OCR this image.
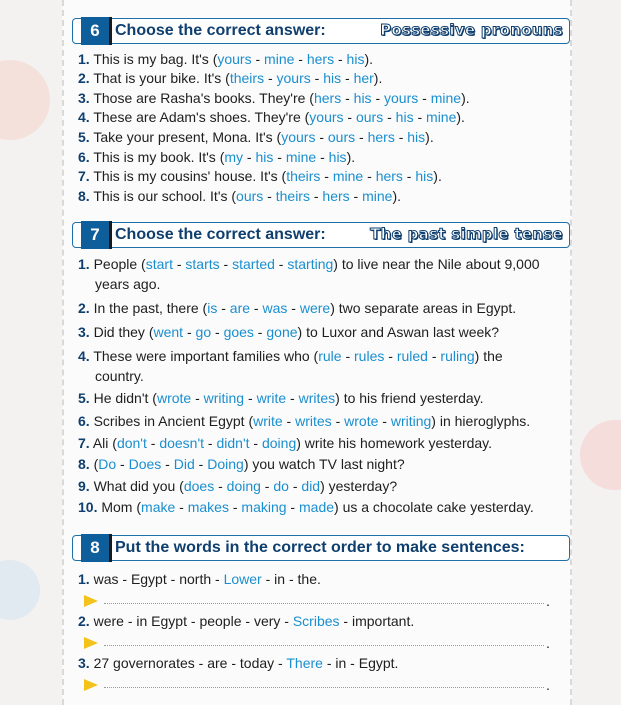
6 Choose the correct answer:	Possessive pronouns
1. This is my bag. It's (yours - mine - hers - his).
2. That is your bike. It's (theirs - yours - his - her).
3. Those are Rasha's books. They're (hers - his - yours - mine).
4. These are Adam's shoes. They're (yours - ours - his - mine).
5. Take your present, Mona. It's (yours - ours - hers - his).
6. This is my book. It's (my - his - mine - his).
7. This is my cousins' house. It's (theirs - mine - hers - his).
8. This is our school. It's (ours - theirs - hers - mine).
7 Choose the correct answer:	The past simple tense
1. People (start - starts - started - starting) to live near the Nile about 9,000
years ago.
2. In the past, there (is - are - was - were) two separate areas in Egypt.
3. Did they (went - go - goes - gone) to Luxor and Aswan last week?
4. These were important families who (rule - rules - ruled - ruling) the
country.
5. He didn't (wrote - writing - write - writes) to his friend yesterday.
6. Scribes in Ancient Egypt (write - writes - wrote - writing) in hieroglyphs.
7. Ali (don't - doesn't - didn't - doing) write his homework yesterday.
8. (Do - Does - Did - Doing) you watch TV last night?
9. What did you (does - doing - do - did) yesterday?
10. Mom (make - makes - making - made) us a chocolate cake yesterday.
8 Put the words in the correct order to make sentences:
1. was - Egypt - north - Lower - in - the.
.
2. were - in Egypt - people - very - Scribes - important.
.
3. 27 governorates - are - today - There - in - Egypt.
.
